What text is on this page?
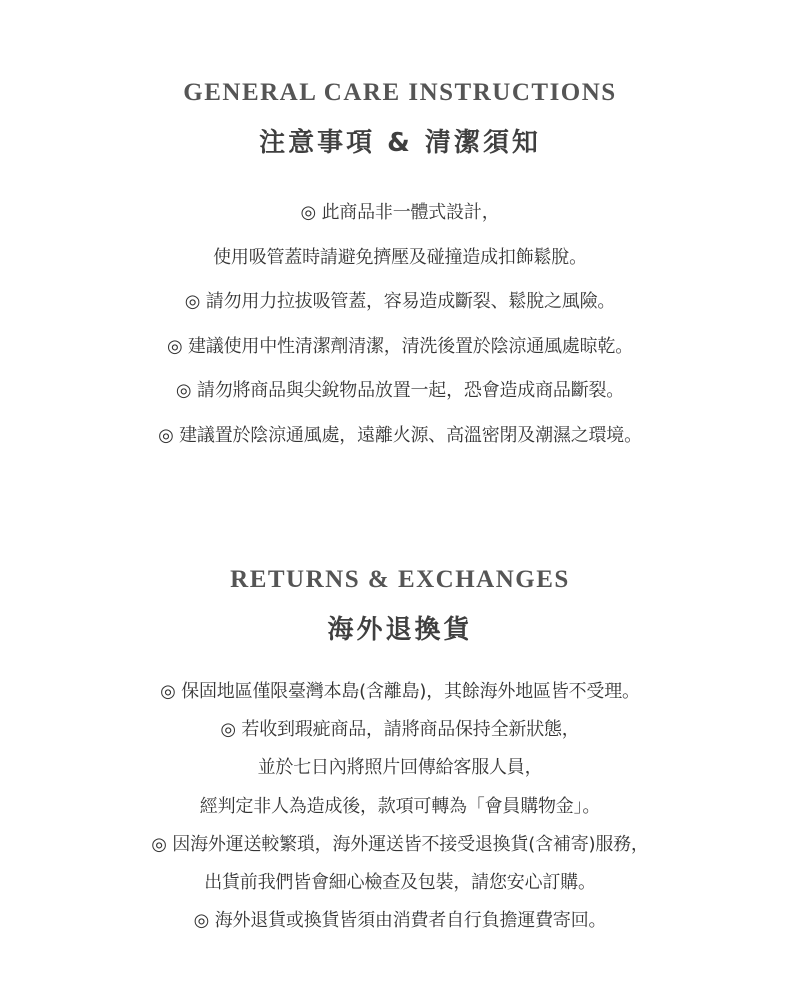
GENERAL CARE INSTRUCTIONS
注意事項 & 清潔須知
◎ 此商品非一體式設計，
使用吸管蓋時請避免擠壓及碰撞造成扣飾鬆脫。
◎ 請勿用力拉拔吸管蓋，容易造成斷裂、鬆脫之風險。
◎ 建議使用中性清潔劑清潔，清洗後置於陰涼通風處晾乾。
◎ 請勿將商品與尖銳物品放置一起，恐會造成商品斷裂。
◎ 建議置於陰涼通風處，遠離火源、高溫密閉及潮濕之環境。
RETURNS & EXCHANGES
海外退換貨
◎ 保固地區僅限臺灣本島(含離島)，其餘海外地區皆不受理。
◎ 若收到瑕疵商品，請將商品保持全新狀態，
並於七日內將照片回傳給客服人員，
經判定非人為造成後，款項可轉為「會員購物金」。
◎ 因海外運送較繁瑣，海外運送皆不接受退換貨(含補寄)服務，
出貨前我們皆會細心檢查及包裝，請您安心訂購。
◎ 海外退貨或換貨皆須由消費者自行負擔運費寄回。
